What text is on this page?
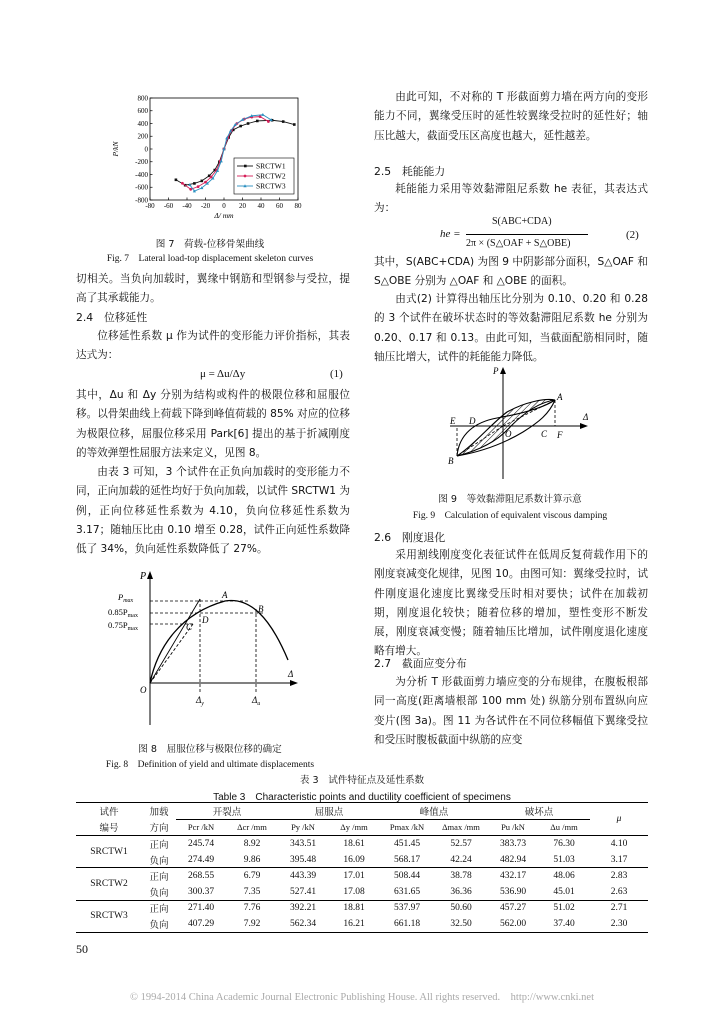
-80 -60 -40 -20 0 20 40 60 80
800
600
400
200
0
-200
-400
-600
-800
P/kN
Δ/ mm
SRCTW1
SRCTW2
SRCTW3
图 7　荷载-位移骨架曲线
Fig. 7　Lateral load-top displacement skeleton curves
切相关。当负向加载时，翼缘中钢筋和型钢参与受拉，提高了其承载能力。
2.4　位移延性
位移延性系数 μ 作为试件的变形能力评价指标，其表达式为：
μ = Δu/Δy	(1)
其中，Δu 和 Δy 分别为结构或构件的极限位移和屈服位移。以骨架曲线上荷载下降到峰值荷载的 85% 对应的位移为极限位移，屈服位移采用 Park[6] 提出的基于折减刚度的等效弹塑性屈服方法来定义，见图 8。
由表 3 可知，3 个试件在正负向加载时的变形能力不同，正向加载的延性均好于负向加载，以试件 SRCTW1 为例，正向位移延性系数为 4.10，负向位移延性系数为 3.17；随轴压比由 0.10 增至 0.28，试件正向延性系数降低了 34%，负向延性系数降低了 27%。
P
$P_{max}$
$0.85P_{max}$
$0.75P_{max}$
A
B
C
D
O
$\Delta_y$	$\Delta_u$
Δ
图 8　屈服位移与极限位移的确定
Fig. 8　Definition of yield and ultimate displacements
由此可知，不对称的 T 形截面剪力墙在两方向的变形能力不同，翼缘受压时的延性较翼缘受拉时的延性好；轴压比越大，截面受压区高度也越大，延性越差。
2.5　耗能能力
耗能能力采用等效黏滞阻尼系数 he 表征，其表达式为：
he =
S(ABC+CDA)
2π × (S△OAF + S△OBE)
(2)
其中，S(ABC+CDA) 为图 9 中阴影部分面积，S△OAF 和 S△OBE 分别为 △OAF 和 △OBE 的面积。
由式(2) 计算得出轴压比分别为 0.10、0.20 和 0.28 的 3 个试件在破坏状态时的等效黏滞阻尼系数 he 分别为 0.20、0.17 和 0.13。由此可知，当截面配筋相同时，随轴压比增大，试件的耗能能力降低。
P
A
B
C
D
E
F
O
Δ
图 9　等效黏滞阻尼系数计算示意
Fig. 9　Calculation of equivalent viscous damping
2.6　刚度退化
采用割线刚度变化表征试件在低周反复荷载作用下的刚度衰减变化规律，见图 10。由图可知：翼缘受拉时，试件刚度退化速度比翼缘受压时相对要快；试件在加载初期，刚度退化较快；随着位移的增加，塑性变形不断发展，刚度衰减变慢；随着轴压比增加，试件刚度退化速度略有增大。
2.7　截面应变分布
为分析 T 形截面剪力墙应变的分布规律，在腹板根部同一高度(距离墙根部 100 mm 处) 纵筋分别布置纵向应变片(图 3a)。图 11 为各试件在不同位移幅值下翼缘受拉和受压时腹板截面中纵筋的应变
表 3　试件特征点及延性系数
Table 3　Characteristic points and ductility coefficient of specimens
试件	加载	开裂点		屈服点		峰值点		破坏点		μ
编号	方向	Pcr /kN	Δcr /mm	Py /kN	Δy /mm	Pmax /kN	Δmax /mm	Pu /kN	Δu /mm	
SRCTW1	正向	245.74	8.92	343.51	18.61	451.45	52.57	383.73	76.30	4.10
	负向	274.49	9.86	395.48	16.09	568.17	42.24	482.94	51.03	3.17
SRCTW2	正向	268.55	6.79	443.39	17.01	508.44	38.78	432.17	48.06	2.83
	负向	300.37	7.35	527.41	17.08	631.65	36.36	536.90	45.01	2.63
SRCTW3	正向	271.40	7.76	392.21	18.81	537.97	50.60	457.27	51.02	2.71
	负向	407.29	7.92	562.34	16.21	661.18	32.50	562.00	37.40	2.30
50
© 1994-2014 China Academic Journal Electronic Publishing House. All rights reserved.　http://www.cnki.net
